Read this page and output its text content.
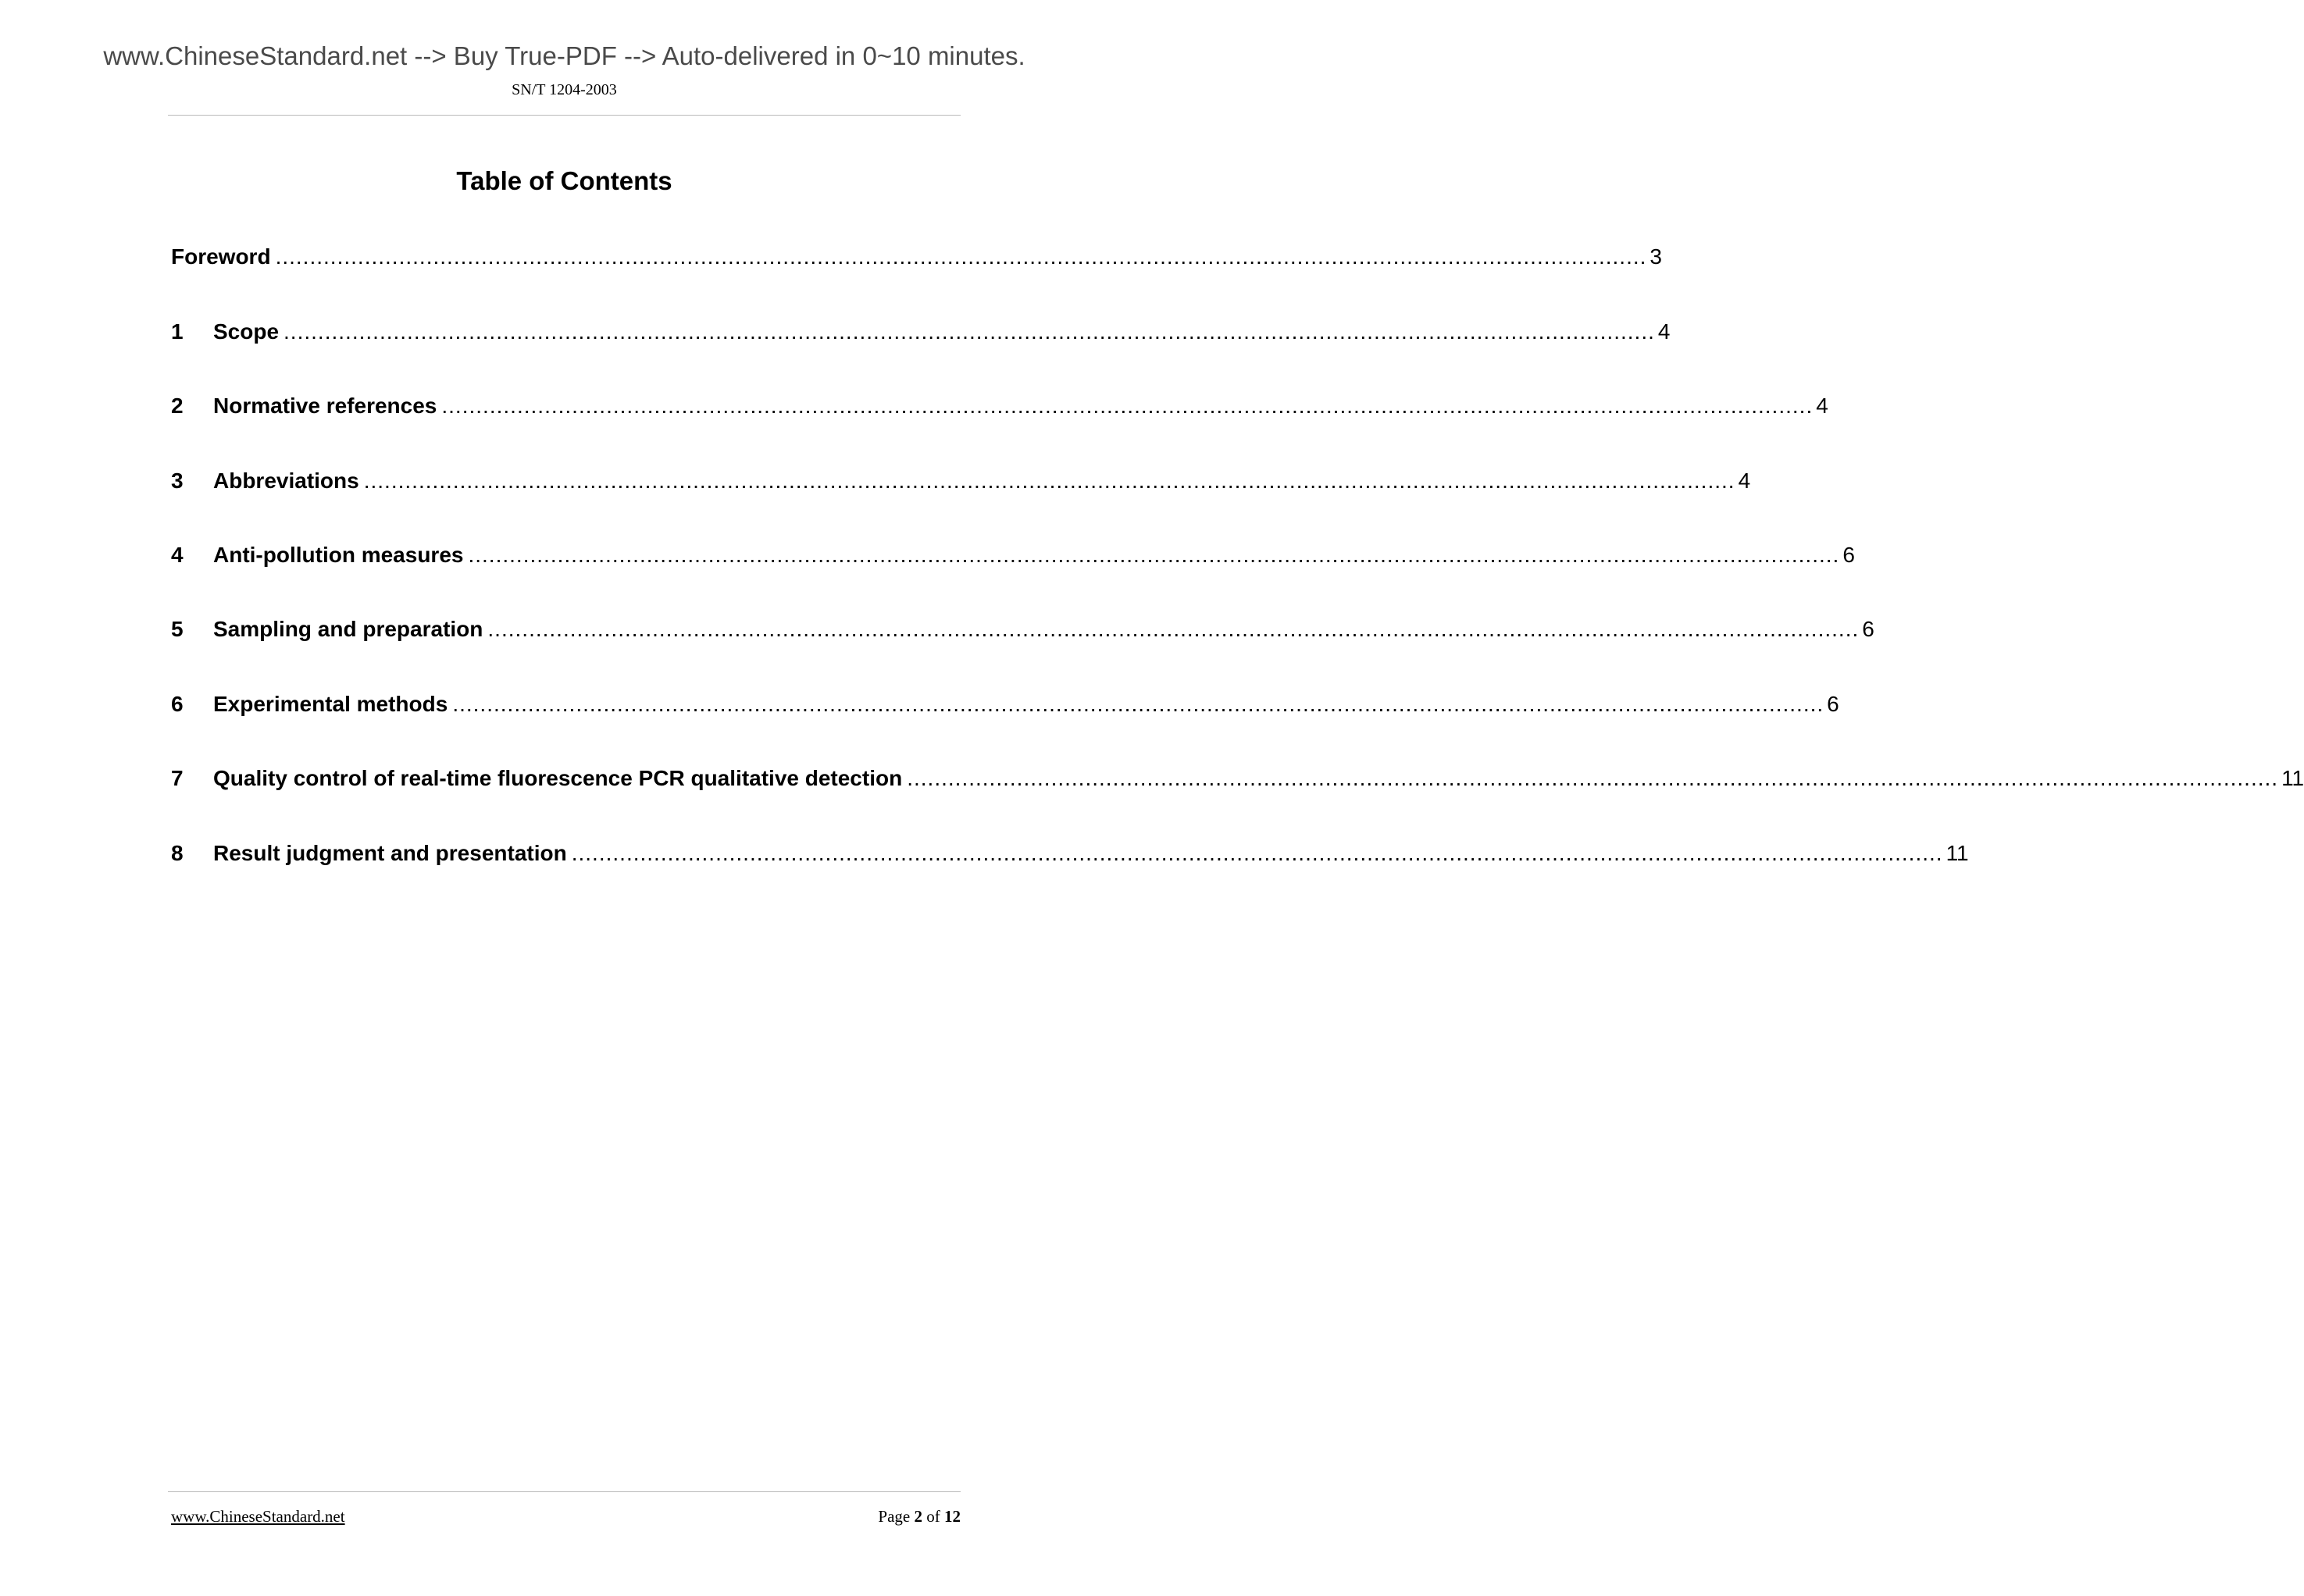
www.ChineseStandard.net --> Buy True-PDF --> Auto-delivered in 0~10 minutes.
SN/T 1204-2003
Table of Contents
Foreword ........................................................................................................................................................................................................ 3
1	Scope ........................................................................................................................................................................................................ 4
2	Normative references ........................................................................................................................................................................................................ 4
3	Abbreviations ........................................................................................................................................................................................................ 4
4	Anti-pollution measures ........................................................................................................................................................................................................ 6
5	Sampling and preparation ........................................................................................................................................................................................................ 6
6	Experimental methods ........................................................................................................................................................................................................ 6
7	Quality control of real-time fluorescence PCR qualitative detection ........................................................................................................................................................................................................ 11
8	Result judgment and presentation ........................................................................................................................................................................................................ 11
www.ChineseStandard.net	Page 2 of 12
